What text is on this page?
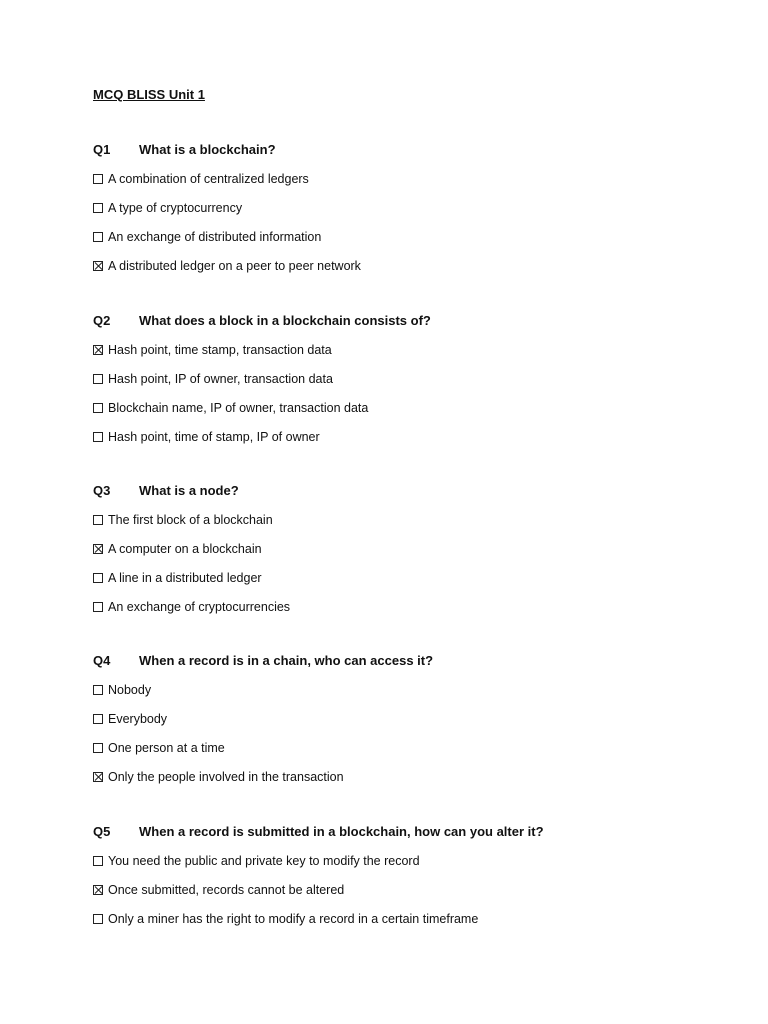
MCQ BLISS Unit 1
Q1 What is a blockchain?
A combination of centralized ledgers
A type of cryptocurrency
An exchange of distributed information
A distributed ledger on a peer to peer network
Q2 What does a block in a blockchain consists of?
Hash point, time stamp, transaction data
Hash point, IP of owner, transaction data
Blockchain name, IP of owner, transaction data
Hash point, time of stamp, IP of owner
Q3 What is a node?
The first block of a blockchain
A computer on a blockchain
A line in a distributed ledger
An exchange of cryptocurrencies
Q4 When a record is in a chain, who can access it?
Nobody
Everybody
One person at a time
Only the people involved in the transaction
Q5 When a record is submitted in a blockchain, how can you alter it?
You need the public and private key to modify the record
Once submitted, records cannot be altered
Only a miner has the right to modify a record in a certain timeframe
